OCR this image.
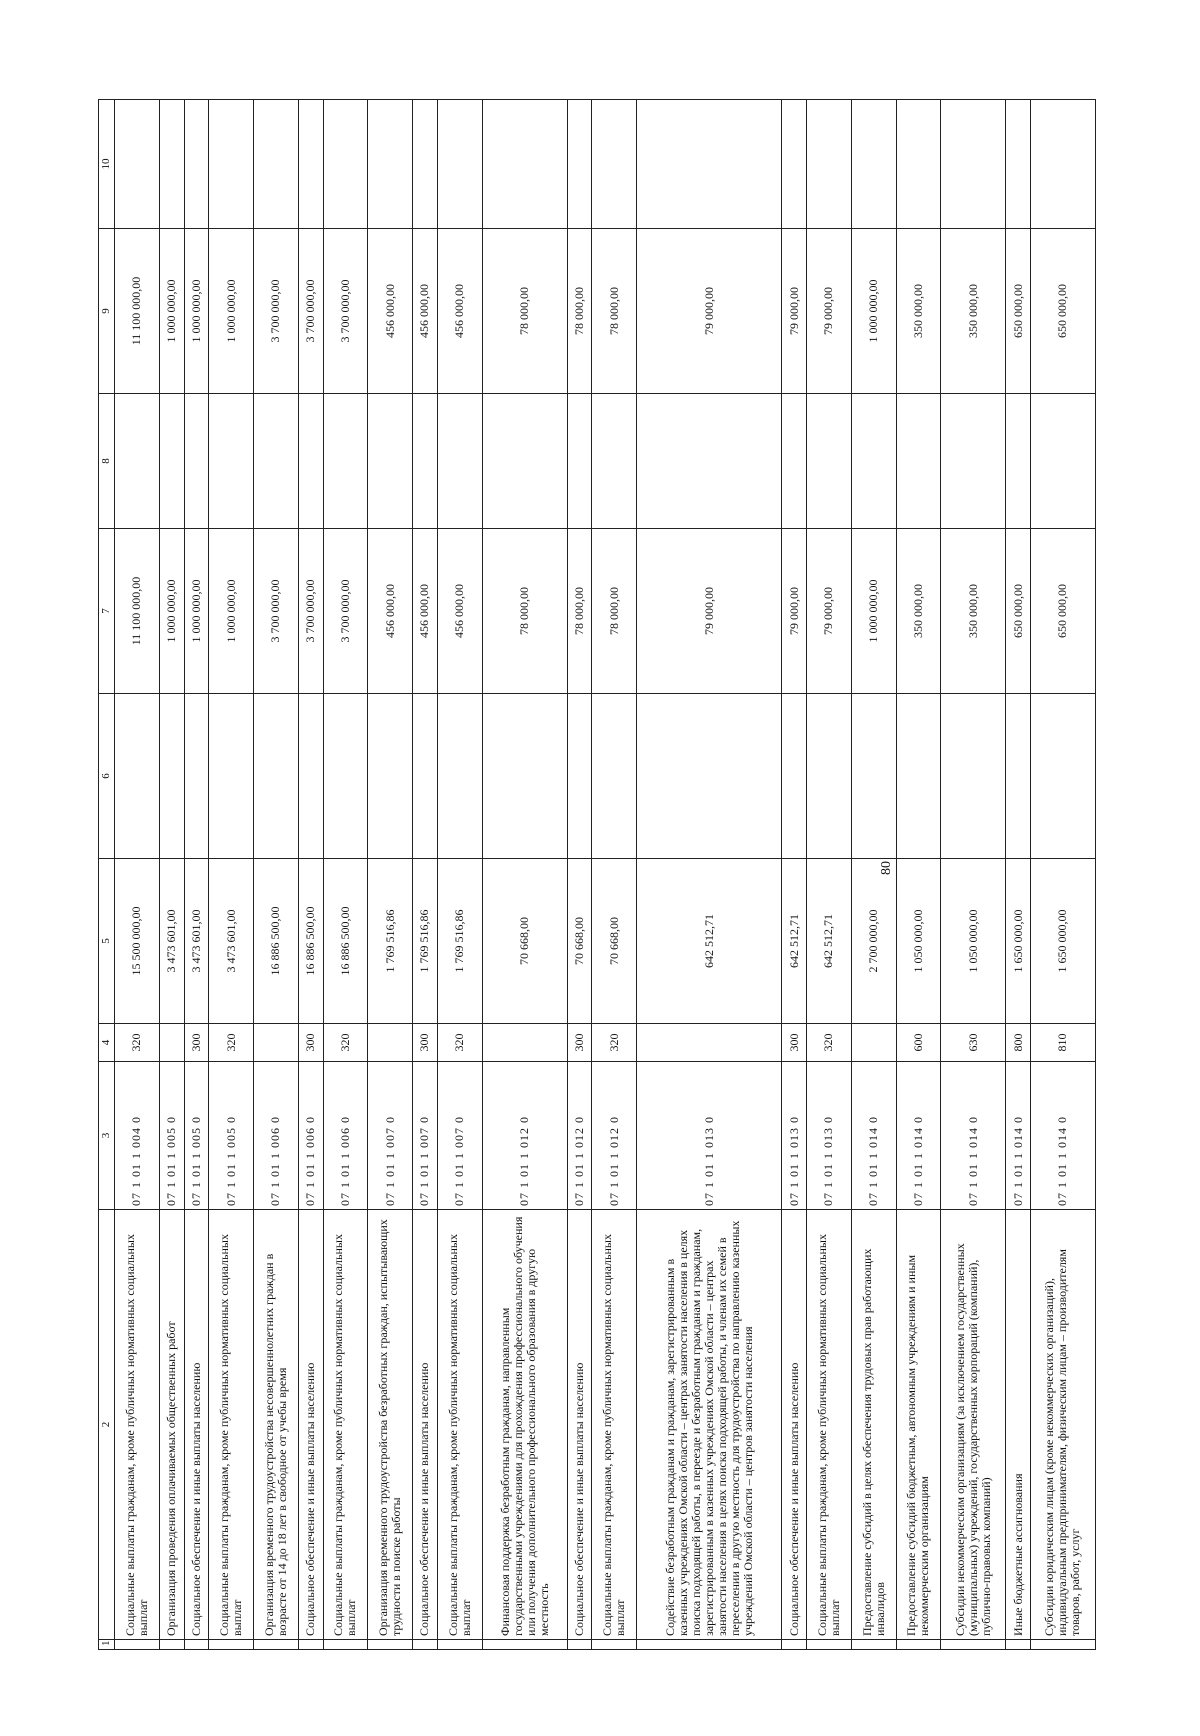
80
1	2	3	4	5	6	7	8	9	10
	Социальные выплаты гражданам, кроме публичных нормативных социальных выплат	07 1 01 1 004 0	320	15 500 000,00		11 100 000,00		11 100 000,00	
	Организация проведения оплачиваемых общественных работ	07 1 01 1 005 0		3 473 601,00		1 000 000,00		1 000 000,00	
	Социальное обеспечение и иные выплаты населению	07 1 01 1 005 0	300	3 473 601,00		1 000 000,00		1 000 000,00	
	Социальные выплаты гражданам, кроме публичных нормативных социальных выплат	07 1 01 1 005 0	320	3 473 601,00		1 000 000,00		1 000 000,00	
	Организация временного трудоустройства несовершеннолетних граждан в возрасте от 14 до 18 лет в свободное от учебы время	07 1 01 1 006 0		16 886 500,00		3 700 000,00		3 700 000,00	
	Социальное обеспечение и иные выплаты населению	07 1 01 1 006 0	300	16 886 500,00		3 700 000,00		3 700 000,00	
	Социальные выплаты гражданам, кроме публичных нормативных социальных выплат	07 1 01 1 006 0	320	16 886 500,00		3 700 000,00		3 700 000,00	
	Организация временного трудоустройства безработных граждан, испытывающих трудности в поиске работы	07 1 01 1 007 0		1 769 516,86		456 000,00		456 000,00	
	Социальное обеспечение и иные выплаты населению	07 1 01 1 007 0	300	1 769 516,86		456 000,00		456 000,00	
	Социальные выплаты гражданам, кроме публичных нормативных социальных выплат	07 1 01 1 007 0	320	1 769 516,86		456 000,00		456 000,00	
	Финансовая поддержка безработным гражданам, направленным государственными учреждениями для прохождения профессионального обучения или получения дополнительного профессионального образования в другую местность	07 1 01 1 012 0		70 668,00		78 000,00		78 000,00	
	Социальное обеспечение и иные выплаты населению	07 1 01 1 012 0	300	70 668,00		78 000,00		78 000,00	
	Социальные выплаты гражданам, кроме публичных нормативных социальных выплат	07 1 01 1 012 0	320	70 668,00		78 000,00		78 000,00	
	Содействие безработным гражданам и гражданам, зарегистрированным в казенных учреждениях Омской области – центрах занятости населения в целях поиска подходящей работы, в переезде и безработным гражданам и гражданам, зарегистрированным в казенных учреждениях Омской области – центрах занятости населения в целях поиска подходящей работы, и членам их семей в переселении в другую местность для трудоустройства по направлению казенных учреждений Омской области – центров занятости населения	07 1 01 1 013 0		642 512,71		79 000,00		79 000,00	
	Социальное обеспечение и иные выплаты населению	07 1 01 1 013 0	300	642 512,71		79 000,00		79 000,00	
	Социальные выплаты гражданам, кроме публичных нормативных социальных выплат	07 1 01 1 013 0	320	642 512,71		79 000,00		79 000,00	
	Предоставление субсидий в целях обеспечения трудовых прав работающих инвалидов	07 1 01 1 014 0		2 700 000,00		1 000 000,00		1 000 000,00	
	Предоставление субсидий бюджетным, автономным учреждениям и иным некоммерческим организациям	07 1 01 1 014 0	600	1 050 000,00		350 000,00		350 000,00	
	Субсидии некоммерческим организациям (за исключением государственных (муниципальных) учреждений, государственных корпораций (компаний), публично-правовых компаний)	07 1 01 1 014 0	630	1 050 000,00		350 000,00		350 000,00	
	Иные бюджетные ассигнования	07 1 01 1 014 0	800	1 650 000,00		650 000,00		650 000,00	
	Субсидии юридическим лицам (кроме некоммерческих организаций), индивидуальным предпринимателям, физическим лицам – производителям товаров, работ, услуг	07 1 01 1 014 0	810	1 650 000,00		650 000,00		650 000,00	
